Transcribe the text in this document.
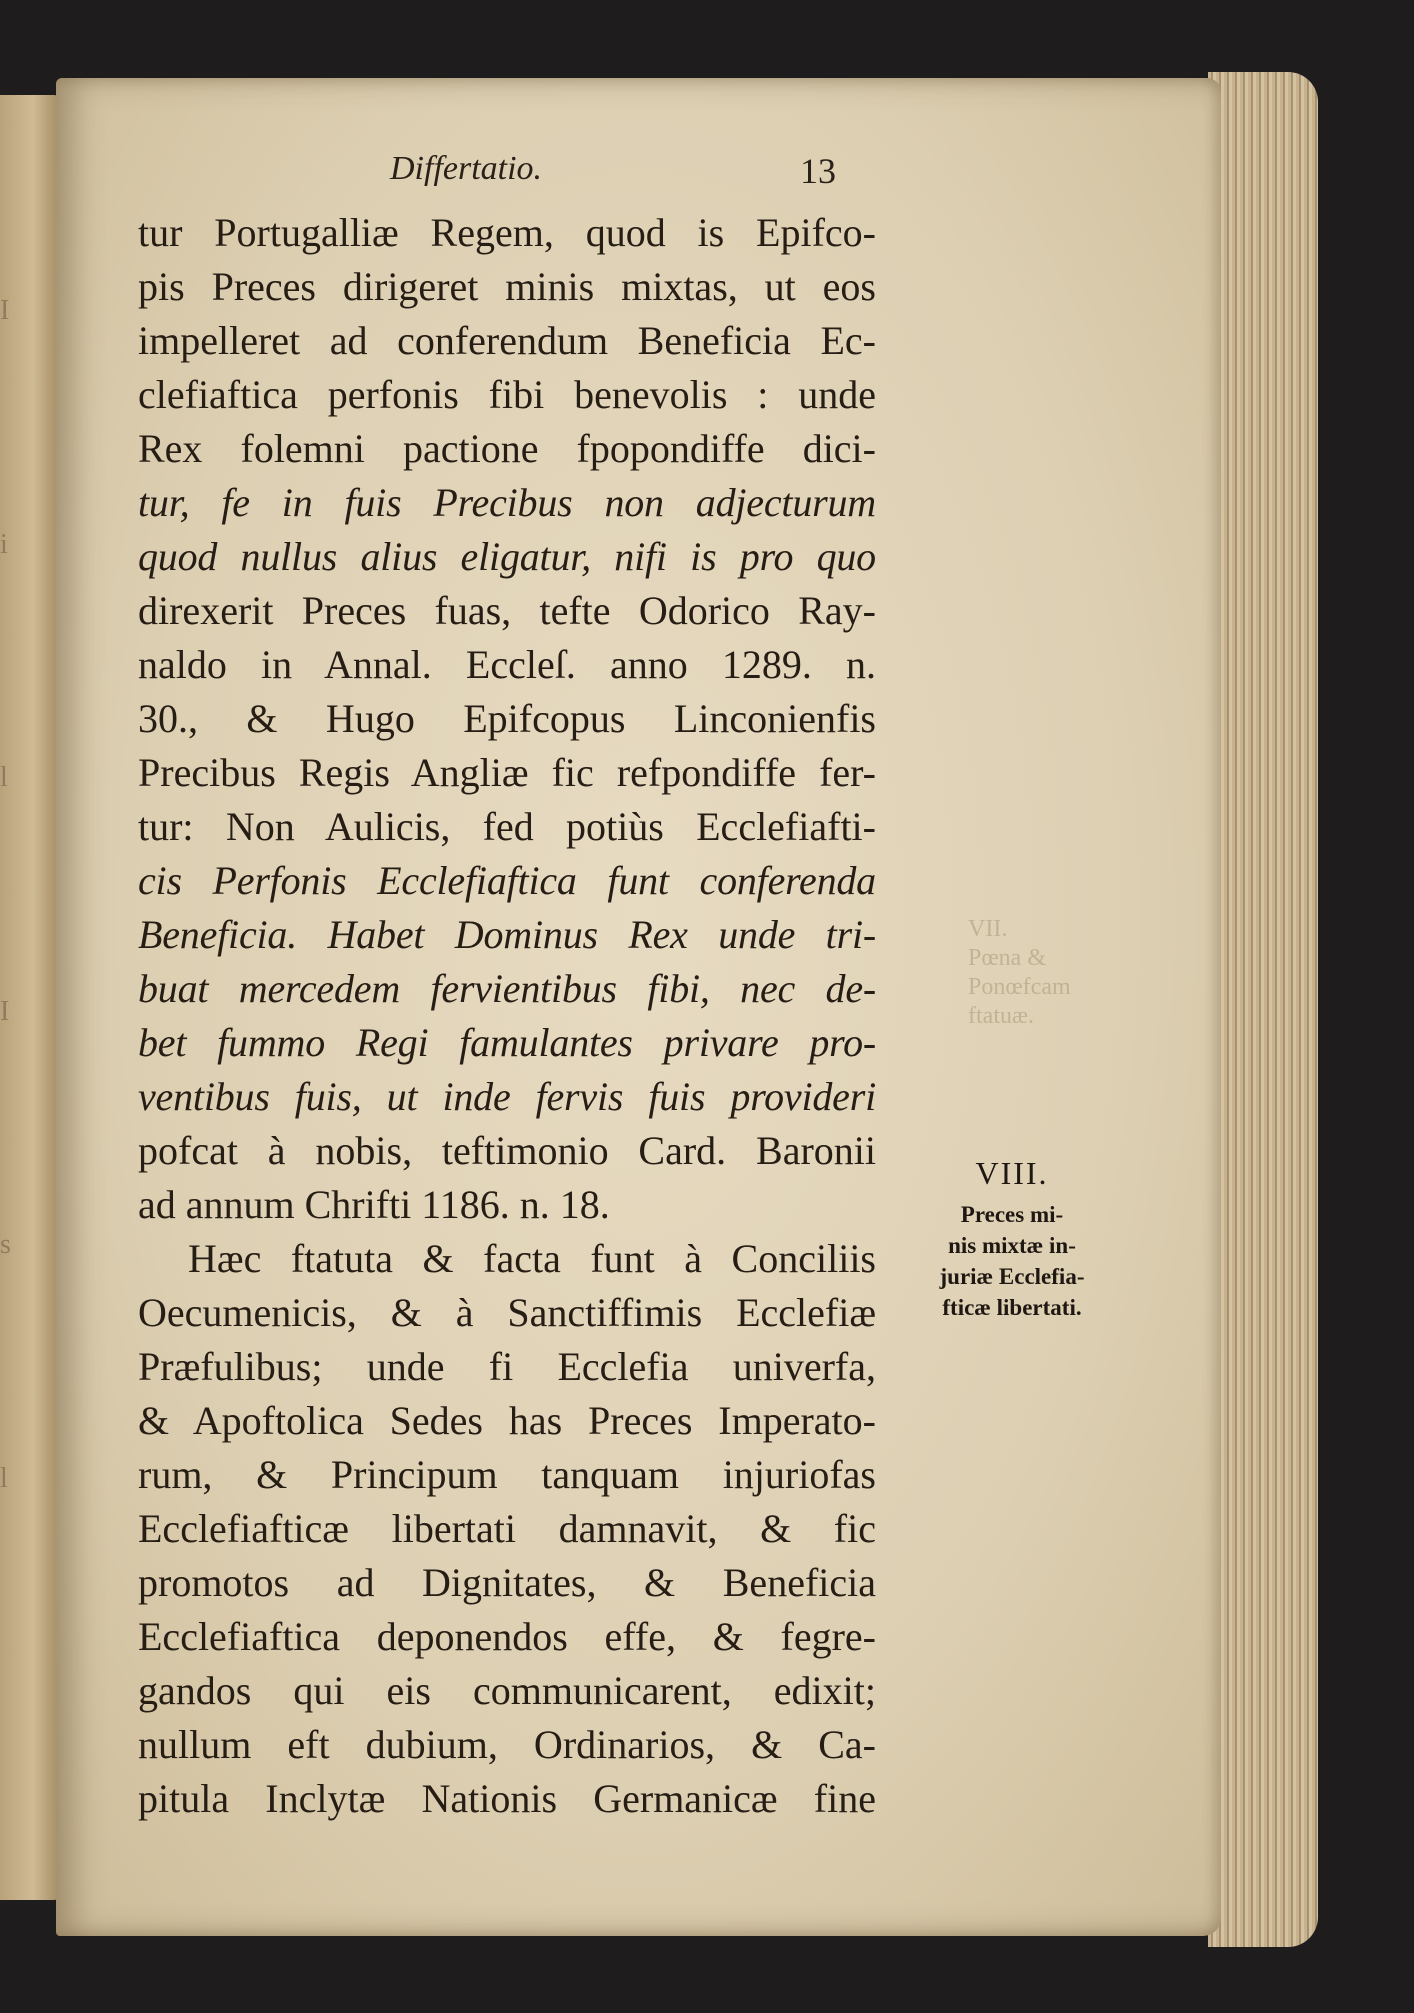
I
i
l
I
s
l
Differtatio.	13
tur Portugalliæ Regem, quod is Epifco-
pis Preces dirigeret minis mixtas, ut eos
impelleret ad conferendum Beneficia Ec-
clefiaftica perfonis fibi benevolis : unde
Rex folemni pactione fpopondiffe dici-
tur, fe in fuis Precibus non adjecturum
quod nullus alius eligatur, nifi is pro quo
direxerit Preces fuas, tefte Odorico Ray-
naldo in Annal. Eccleſ. anno 1289. n.
30., & Hugo Epifcopus Linconienfis
Precibus Regis Angliæ fic refpondiffe fer-
tur: Non Aulicis, fed potiùs Ecclefiafti-
cis Perfonis Ecclefiaftica funt conferenda
Beneficia. Habet Dominus Rex unde tri-
buat mercedem fervientibus fibi, nec de-
bet fummo Regi famulantes privare pro-
ventibus fuis, ut inde fervis fuis provideri
pofcat à nobis, teftimonio Card. Baronii
ad annum Chrifti 1186. n. 18.
Hæc ftatuta & facta funt à Conciliis
Oecumenicis, & à Sanctiffimis Ecclefiæ
Præfulibus; unde fi Ecclefia univerfa,
& Apoftolica Sedes has Preces Imperato-
rum, & Principum tanquam injuriofas
Ecclefiafticæ libertati damnavit, & fic
promotos ad Dignitates, & Beneficia
Ecclefiaftica deponendos effe, & fegre-
gandos qui eis communicarent, edixit;
nullum eft dubium, Ordinarios, & Ca-
pitula Inclytæ Nationis Germanicæ fine
VII.
Pœna &
Ponœfcam
ftatuæ.
VIII.
Preces mi-
nis mixtæ in-
juriæ Ecclefia-
fticæ libertati.
